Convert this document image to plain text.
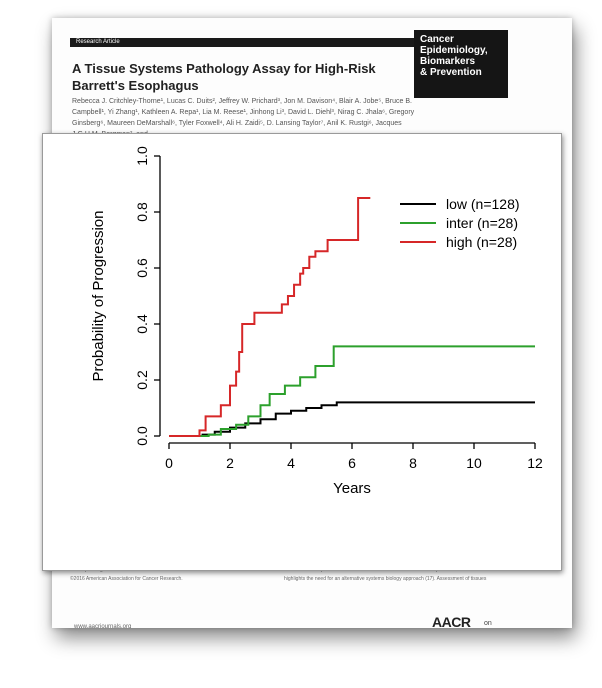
Research Article	Cancer
Epidemiology,
Biomarkers
& Prevention
A Tissue Systems Pathology Assay for High-Risk Barrett's Esophagus
Rebecca J. Critchley-Thorne¹, Lucas C. Duits², Jeffrey W. Prichard³, Jon M. Davison⁴, Blair A. Jobe⁵, Bruce B. Campbell¹, Yi Zhang¹, Kathleen A. Repa¹, Lia M. Reese¹, Jinhong Li³, David L. Diehl³, Nirag C. Jhala⁶, Gregory Ginsberg⁶, Maureen DeMarshall⁶, Tyler Foxwell⁴, Ali H. Zaidi⁵, D. Lansing Taylor⁷, Anil K. Rustgi⁶, Jacques
©2016 American Association for Cancer Research.	highlights the need for an alternative systems biology approach (17). Assessment of tissues
www.aacrjournals.org	AACR on
0	2	4	6	8	10	12
0.0
0.2
0.4
0.6
0.8
1.0
Years
Probability of Progression
low (n=128)
inter (n=28)
high (n=28)
